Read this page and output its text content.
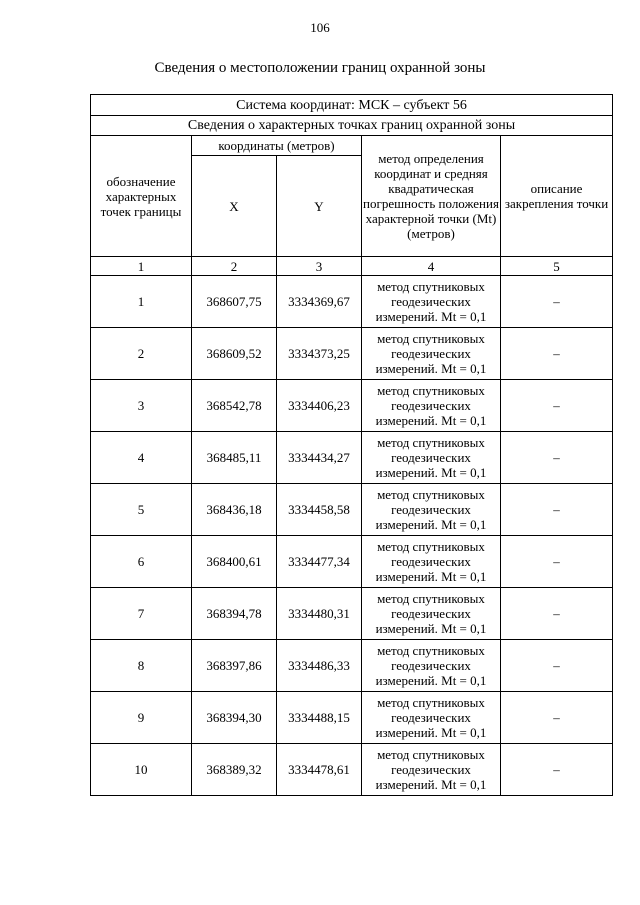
106
Сведения о местоположении границ охранной зоны
Система координат: МСК – субъект 56				
Сведения о характерных точках границ охранной зоны				
обозначение характерных точек границы	координаты (метров)		метод определения координат и средняя квадратическая погрешность положения характерной точки (Mt) (метров)	описание закрепления точки
	X	Y		
1	2	3	4	5
1	368607,75	3334369,67	метод спутниковых геодезических измерений. Mt = 0,1	–
2	368609,52	3334373,25	метод спутниковых геодезических измерений. Mt = 0,1	–
3	368542,78	3334406,23	метод спутниковых геодезических измерений. Mt = 0,1	–
4	368485,11	3334434,27	метод спутниковых геодезических измерений. Mt = 0,1	–
5	368436,18	3334458,58	метод спутниковых геодезических измерений. Mt = 0,1	–
6	368400,61	3334477,34	метод спутниковых геодезических измерений. Mt = 0,1	–
7	368394,78	3334480,31	метод спутниковых геодезических измерений. Mt = 0,1	–
8	368397,86	3334486,33	метод спутниковых геодезических измерений. Mt = 0,1	–
9	368394,30	3334488,15	метод спутниковых геодезических измерений. Mt = 0,1	–
10	368389,32	3334478,61	метод спутниковых геодезических измерений. Mt = 0,1	–
